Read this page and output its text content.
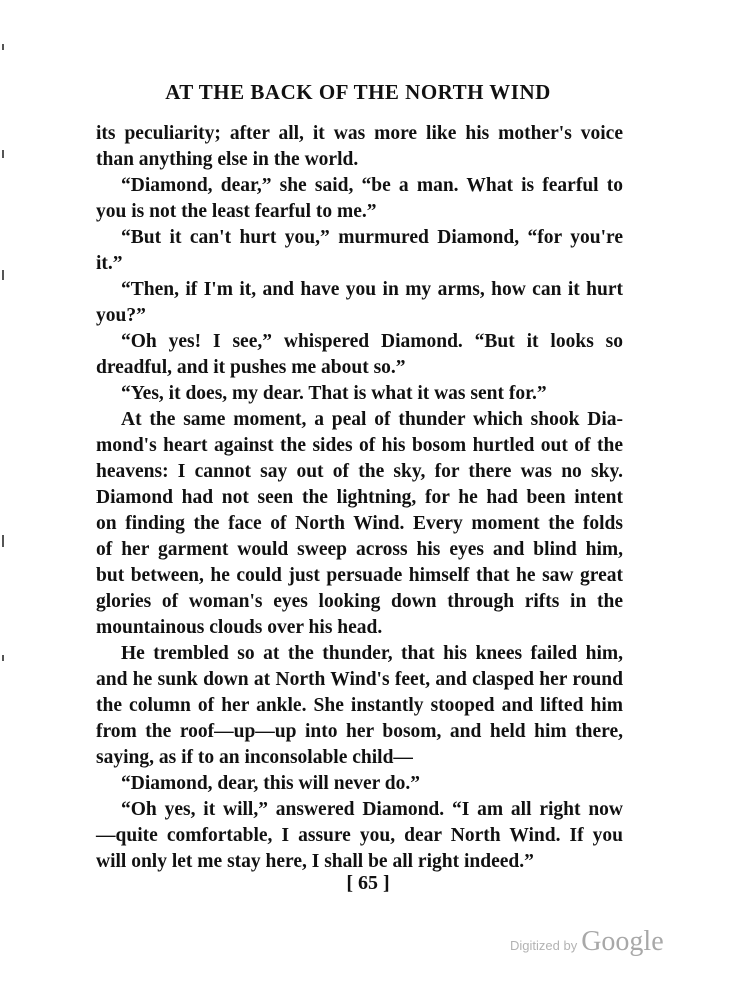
AT THE BACK OF THE NORTH WIND
its peculiarity; after all, it was more like his mother's voice
than anything else in the world.
“Diamond, dear,” she said, “be a man. What is fearful to
you is not the least fearful to me.”
“But it can't hurt you,” murmured Diamond, “for you're
it.”
“Then, if I'm it, and have you in my arms, how can it hurt
you?”
“Oh yes! I see,” whispered Diamond. “But it looks so
dreadful, and it pushes me about so.”
“Yes, it does, my dear. That is what it was sent for.”
At the same moment, a peal of thunder which shook Dia-
mond's heart against the sides of his bosom hurtled out of the
heavens: I cannot say out of the sky, for there was no sky.
Diamond had not seen the lightning, for he had been intent
on finding the face of North Wind. Every moment the folds
of her garment would sweep across his eyes and blind him,
but between, he could just persuade himself that he saw great
glories of woman's eyes looking down through rifts in the
mountainous clouds over his head.
He trembled so at the thunder, that his knees failed him,
and he sunk down at North Wind's feet, and clasped her round
the column of her ankle. She instantly stooped and lifted him
from the roof—up—up into her bosom, and held him there,
saying, as if to an inconsolable child—
“Diamond, dear, this will never do.”
“Oh yes, it will,” answered Diamond. “I am all right now
—quite comfortable, I assure you, dear North Wind. If you
will only let me stay here, I shall be all right indeed.”
[ 65 ]
Digitized by Google
